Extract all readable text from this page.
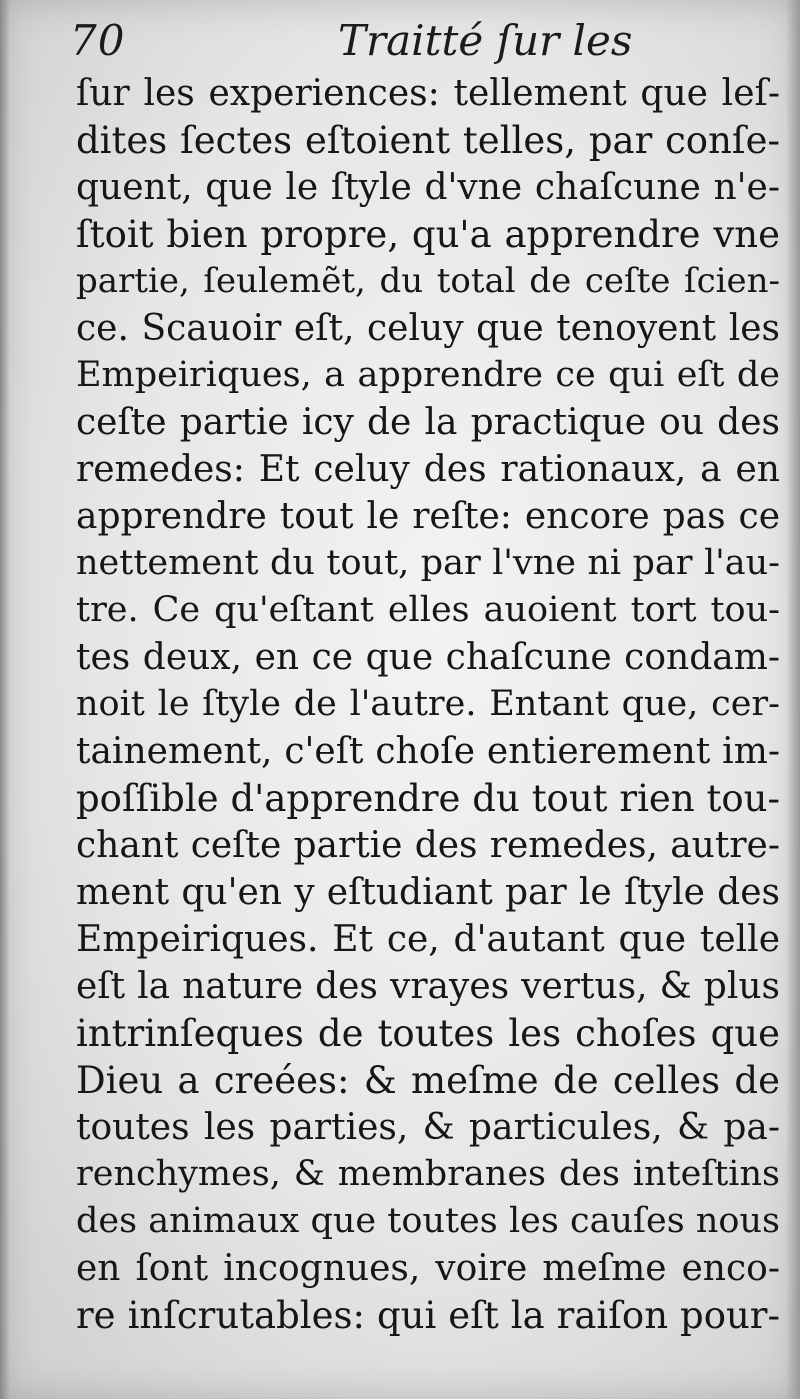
70	Traitté ſur les
ſur les experiences: tellement que leſ-
dites ſectes eſtoient telles, par conſe-
quent, que le ſtyle d'vne chaſcune n'e-
ſtoit bien propre, qu'a apprendre vne
partie, ſeulemẽt, du total de ceſte ſcien-
ce. Scauoir eſt, celuy que tenoyent les
Empeiriques, a apprendre ce qui eſt de
ceſte partie icy de la practique ou des
remedes: Et celuy des rationaux, a en
apprendre tout le reſte: encore pas ce
nettement du tout, par l'vne ni par l'au-
tre. Ce qu'eſtant elles auoient tort tou-
tes deux, en ce que chaſcune condam-
noit le ſtyle de l'autre. Entant que, cer-
tainement, c'eſt choſe entierement im-
poſſible d'apprendre du tout rien tou-
chant ceſte partie des remedes, autre-
ment qu'en y eſtudiant par le ſtyle des
Empeiriques. Et ce, d'autant que telle
eſt la nature des vrayes vertus, & plus
intrinſeques de toutes les choſes que
Dieu a creées: & meſme de celles de
toutes les parties, & particules, & pa-
renchymes, & membranes des inteſtins
des animaux que toutes les cauſes nous
en ſont incognues, voire meſme enco-
re inſcrutables: qui eſt la raiſon pour-
